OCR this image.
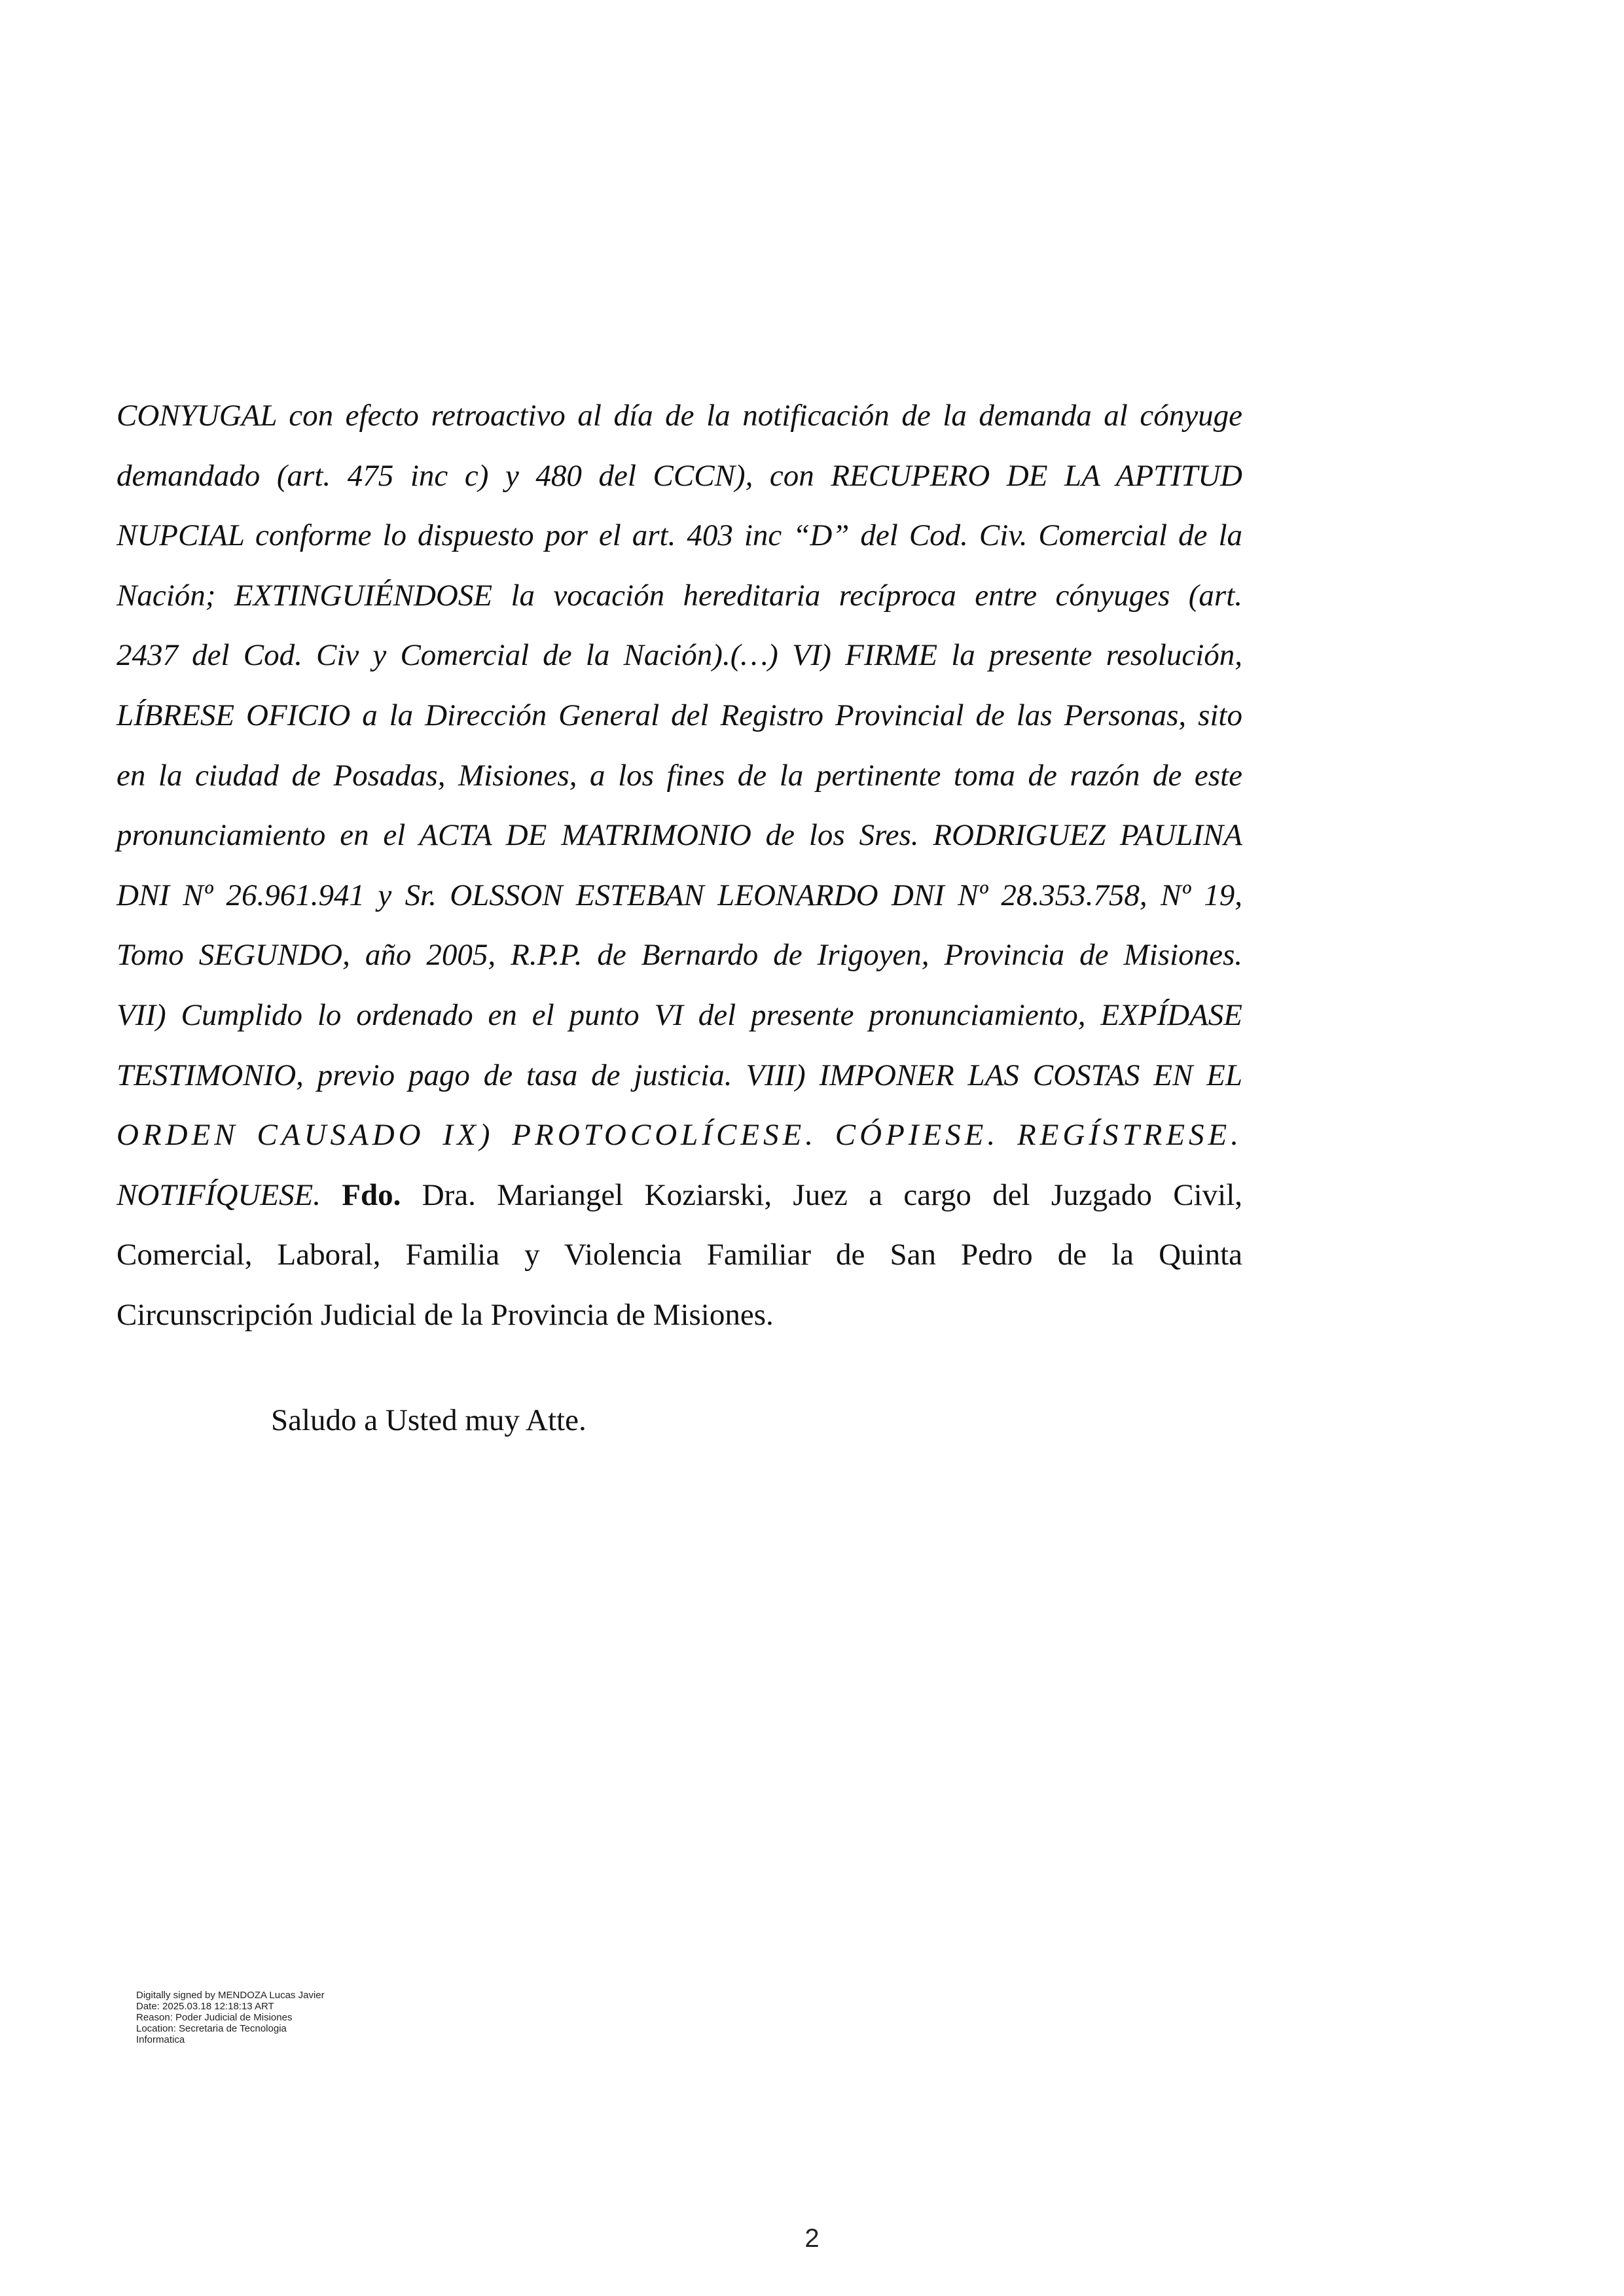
CONYUGAL con efecto retroactivo al día de la notificación de la demanda al cónyuge
demandado (art. 475 inc c) y 480 del CCCN), con RECUPERO DE LA APTITUD
NUPCIAL conforme lo dispuesto por el art. 403 inc “D” del Cod. Civ. Comercial de la
Nación; EXTINGUIÉNDOSE la vocación hereditaria recíproca entre cónyuges (art.
2437 del Cod. Civ y Comercial de la Nación).(…) VI) FIRME la presente resolución,
LÍBRESE OFICIO a la Dirección General del Registro Provincial de las Personas, sito
en la ciudad de Posadas, Misiones, a los fines de la pertinente toma de razón de este
pronunciamiento en el ACTA DE MATRIMONIO de los Sres. RODRIGUEZ PAULINA
DNI Nº 26.961.941 y Sr. OLSSON ESTEBAN LEONARDO DNI Nº 28.353.758, Nº 19,
Tomo SEGUNDO, año 2005, R.P.P. de Bernardo de Irigoyen, Provincia de Misiones.
VII) Cumplido lo ordenado en el punto VI del presente pronunciamiento, EXPÍDASE
TESTIMONIO, previo pago de tasa de justicia. VIII) IMPONER LAS COSTAS EN EL
ORDEN CAUSADO IX) PROTOCOLÍCESE. CÓPIESE. REGÍSTRESE.
NOTIFÍQUESE. Fdo. Dra. Mariangel Koziarski, Juez a cargo del Juzgado Civil,
Comercial, Laboral, Familia y Violencia Familiar de San Pedro de la Quinta
Circunscripción Judicial de la Provincia de Misiones.

Saludo a Usted muy Atte.

Digitally signed by MENDOZA Lucas Javier
Date: 2025.03.18 12:18:13 ART
Reason: Poder Judicial de Misiones
Location: Secretaria de Tecnologia
Informatica
2
